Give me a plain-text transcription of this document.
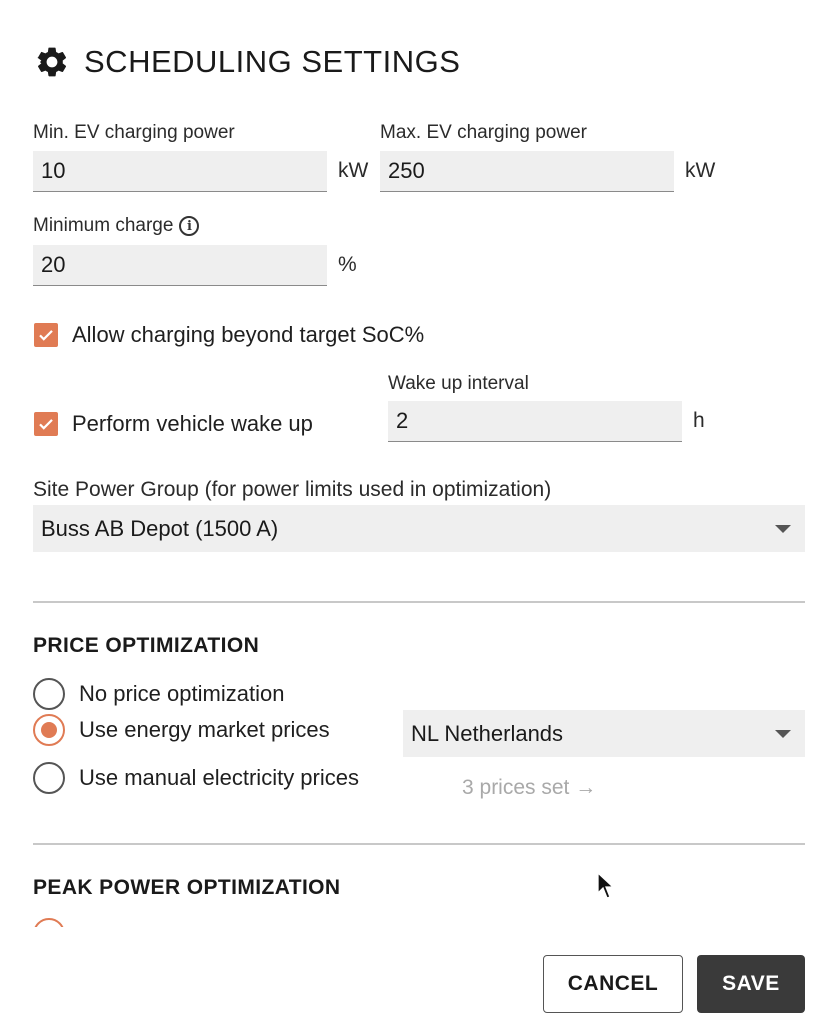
SCHEDULING SETTINGS
Min. EV charging power
10	kW
Max. EV charging power
250	kW
Minimum charge	i
20	%
Allow charging beyond target SoC%
Wake up interval
Perform vehicle wake up	2	h
Site Power Group (for power limits used in optimization)
Buss AB Depot (1500 A)
PRICE OPTIMIZATION
No price optimization
Use energy market prices
Use manual electricity prices
NL Netherlands
3 prices set →
PEAK POWER OPTIMIZATION
CANCEL	SAVE
